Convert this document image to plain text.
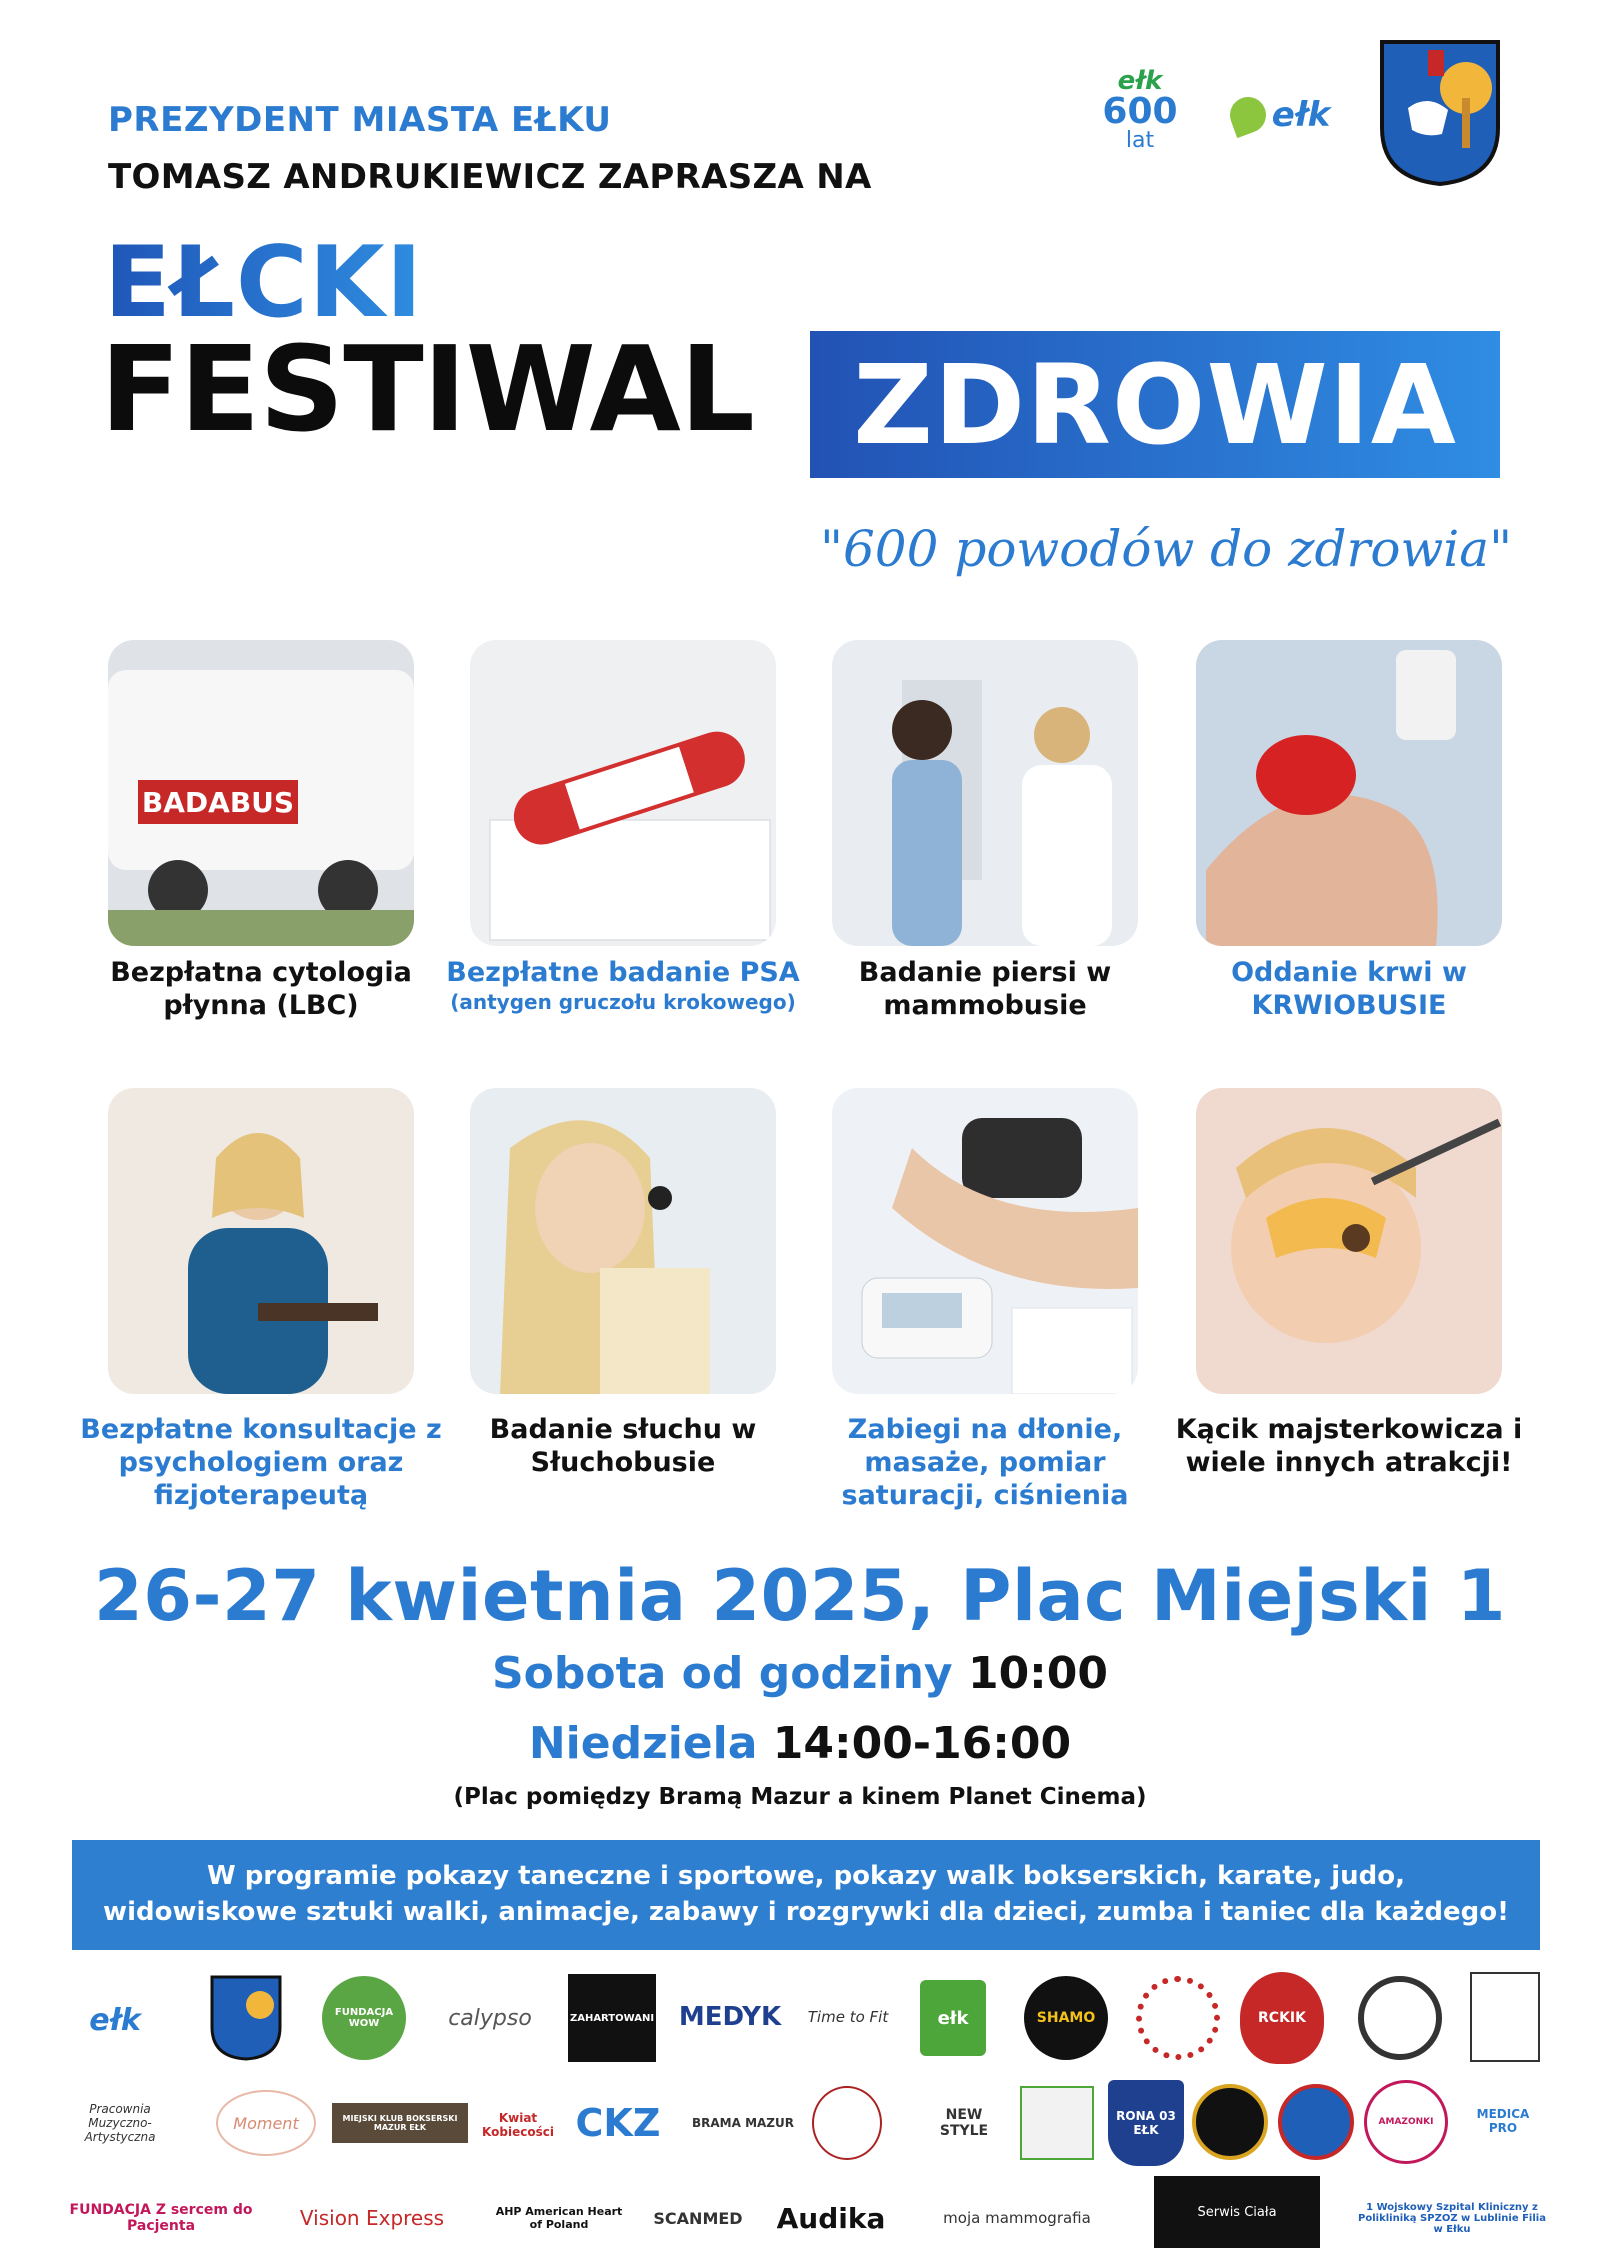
PREZYDENT MIASTA EŁKU
TOMASZ ANDRUKIEWICZ ZAPRASZA NA
EŁCKI
FESTIWAL ZDROWIA
"600 powodów do zdrowia"
ełk
600
lat
ełk
BADABUS
Bezpłatna cytologia płynna (LBC)
Bezpłatne badanie PSA
(antygen gruczołu krokowego)
Badanie piersi w mammobusie
Oddanie krwi w KRWIOBUSIE
Bezpłatne konsultacje z psychologiem oraz fizjoterapeutą
Badanie słuchu w Słuchobusie
Zabiegi na dłonie, masaże, pomiar saturacji, ciśnienia
Kącik majsterkowicza i wiele innych atrakcji!
26-27 kwietnia 2025, Plac Miejski 1
Sobota od godziny 10:00
Niedziela 14:00-16:00
(Plac pomiędzy Bramą Mazur a kinem Planet Cinema)
W programie pokazy taneczne i sportowe, pokazy walk bokserskich, karate, judo,
widowiskowe sztuki walki, animacje, zabawy i rozgrywki dla dzieci, zumba i taniec dla każdego!
ełk	FUNDACJA WOW	calypso	ZAHARTOWANI MEDYK Time to Fit	ełk	SHAMO	RCKIK
Pracownia Muzyczno-Artystyczna
Moment	MIEJSKI KLUB BOKSERSKI MAZUR EŁK
Kwiat Kobiecości CKZ	BRAMA MAZUR	NEW STYLE
RONA 03 EŁK
AMAZONKI
MEDICA PRO
FUNDACJA Z sercem do Pacjenta	Vision Express	AHP American Heart of Poland	SCANMED Audika	moja mammografia	Serwis Ciała	1 Wojskowy Szpital Kliniczny z Polikliniką SPZOZ w Lublinie Filia w Ełku
